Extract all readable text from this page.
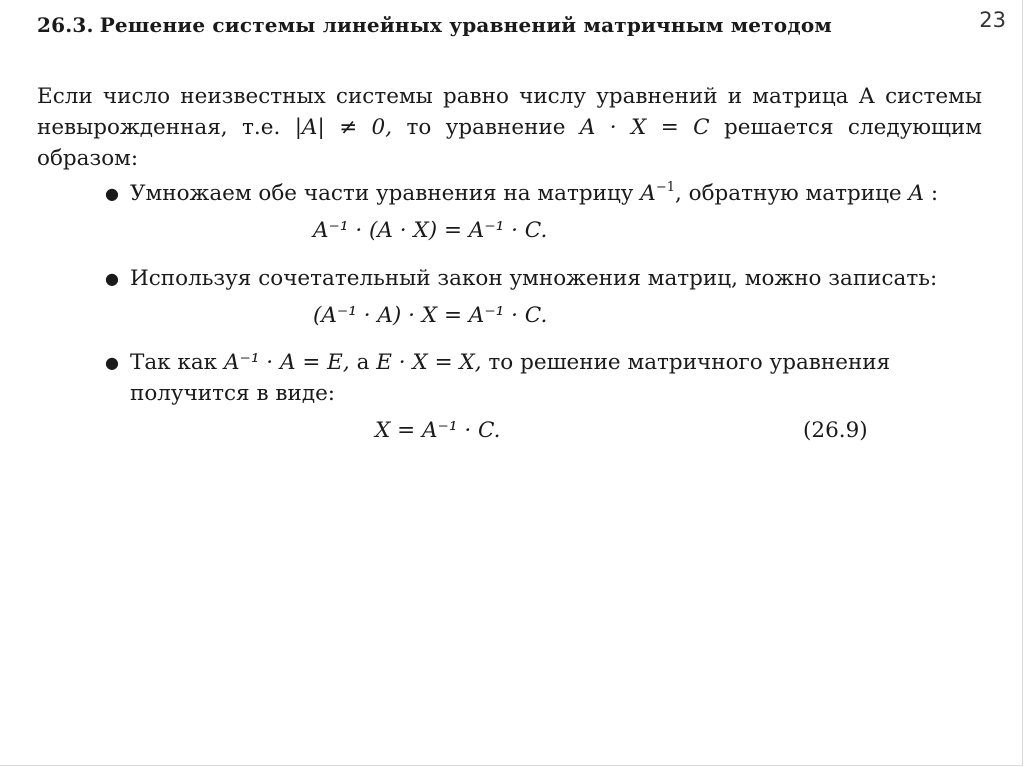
23
26.3. Решение системы линейных уравнений матричным методом
Если число неизвестных системы равно числу уравнений и матрица А системы
невырожденная, т.е. |A| ≠ 0, то уравнение A · X = C решается следующим
образом:
● Умножаем обе части уравнения на матрицу $A^{-1}$, обратную матрице A :
A⁻¹ · (A · X) = A⁻¹ · C.
● Используя сочетательный закон умножения матриц, можно записать:
(A⁻¹ · A) · X = A⁻¹ · C.
● Так как A⁻¹ · A = E, а E · X = X, то решение матричного уравнения
получится в виде:
X = A⁻¹ · C.	(26.9)
